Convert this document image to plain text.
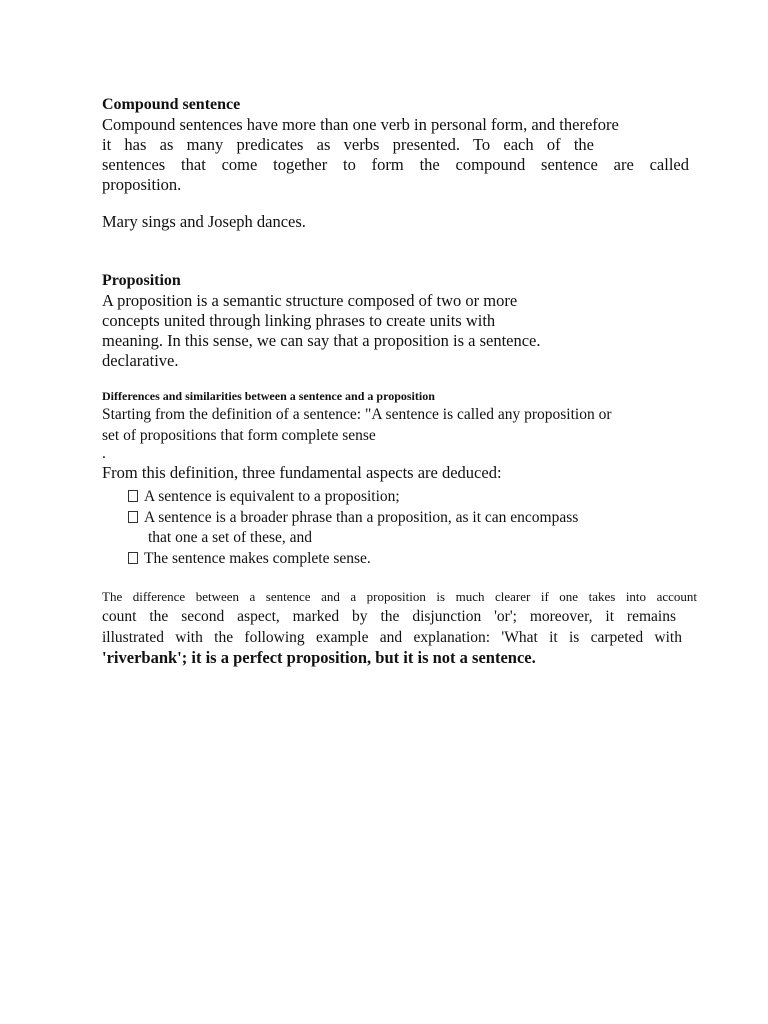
Compound sentence
Compound sentences have more than one verb in personal form, and therefore
it has as many predicates as verbs presented. To each of the
sentences that come together to form the compound sentence are called
proposition.
Mary sings and Joseph dances.
Proposition
A proposition is a semantic structure composed of two or more
concepts united through linking phrases to create units with
meaning. In this sense, we can say that a proposition is a sentence.
declarative.
Differences and similarities between a sentence and a proposition
Starting from the definition of a sentence: "A sentence is called any proposition or
set of propositions that form complete sense
.
From this definition, three fundamental aspects are deduced:
A sentence is equivalent to a proposition;
A sentence is a broader phrase than a proposition, as it can encompass
that one a set of these, and
The sentence makes complete sense.
The difference between a sentence and a proposition is much clearer if one takes into account
count the second aspect, marked by the disjunction 'or'; moreover, it remains
illustrated with the following example and explanation: 'What it is carpeted with
'riverbank'; it is a perfect proposition, but it is not a sentence.
